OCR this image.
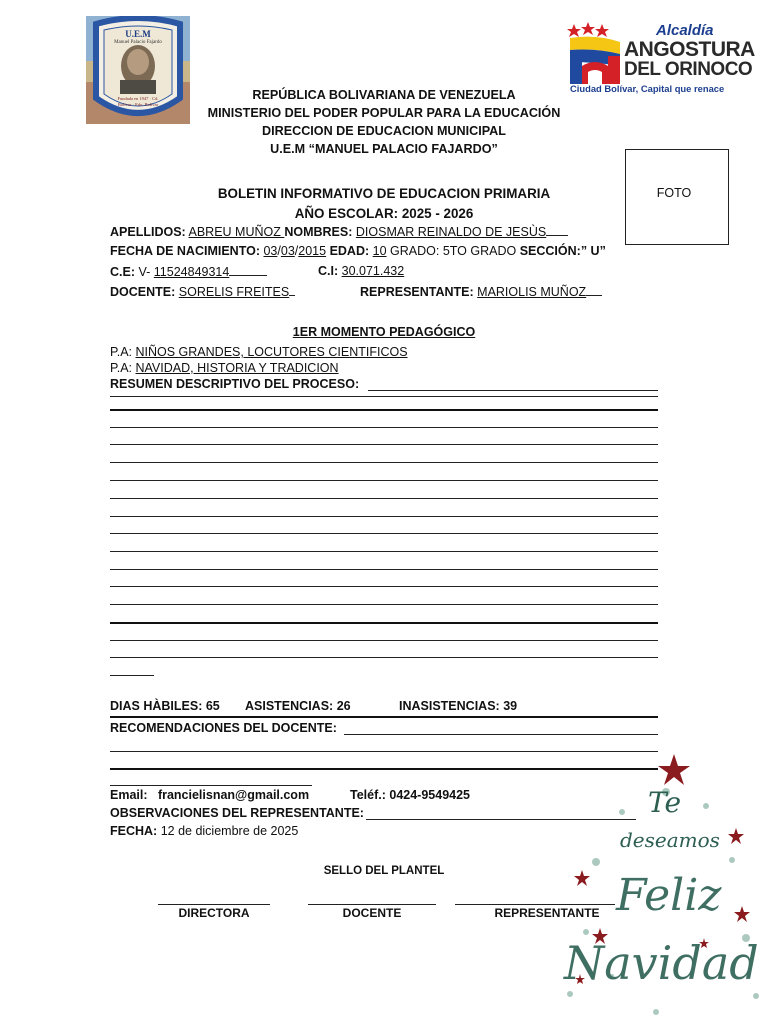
U.E.M
Manuel Palacio Fajardo
Fundada en 1947 · Cd. Bolívar · Edo. Bolívar
Alcaldía
ANGOSTURA
DEL ORINOCO
Ciudad Bolívar, Capital que renace
REPÚBLICA BOLIVARIANA DE VENEZUELA
MINISTERIO DEL PODER POPULAR PARA LA EDUCACIÓN
DIRECCION DE EDUCACION MUNICIPAL
U.E.M “MANUEL PALACIO FAJARDO”
FOTO
BOLETIN INFORMATIVO DE EDUCACION PRIMARIA
AÑO ESCOLAR: 2025 - 2026
APELLIDOS: ABREU MUÑOZ NOMBRES: DIOSMAR REINALDO DE JESÙS
FECHA DE NACIMIENTO: 03/03/2015 EDAD: 10 GRADO: 5TO GRADO SECCIÓN:” U”
C.E: V- 11524849314	C.I: 30.071.432
DOCENTE: SORELIS FREITES	REPRESENTANTE: MARIOLIS MUÑOZ
1ER MOMENTO PEDAGÓGICO
P.A: NIÑOS GRANDES, LOCUTORES CIENTIFICOS
P.A: NAVIDAD, HISTORIA Y TRADICION
RESUMEN DESCRIPTIVO DEL PROCESO:
DIAS HÀBILES: 65 ASISTENCIAS: 26	INASISTENCIAS: 39
RECOMENDACIONES DEL DOCENTE:
Email: francielisnan@gmail.com	Teléf.: 0424-9549425
OBSERVACIONES DEL REPRESENTANTE:
FECHA: 12 de diciembre de 2025
SELLO DEL PLANTEL
DIRECTORA	DOCENTE	REPRESENTANTE
Te
deseamos
Feliz
Navidad
